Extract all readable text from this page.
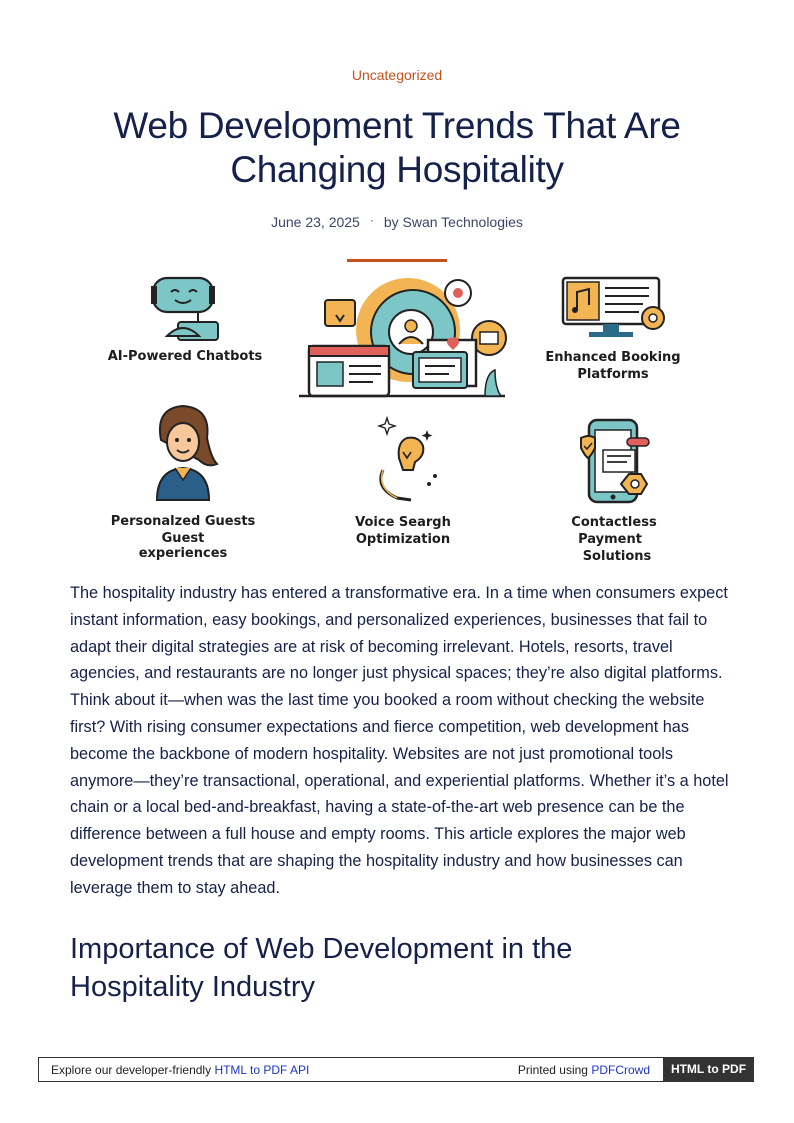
Uncategorized
Web Development Trends That Are Changing Hospitality
June 23, 2025 · by Swan Technologies
AI-Powered Chatbots	Enhanced Booking
Platforms
Personalzed Guests
Guest
experiences
Voice Seargh
Optimization
Contactless
Payment
Solutions

The hospitality industry has entered a transformative era. In a time when consumers expect instant information, easy bookings, and personalized experiences, businesses that fail to adapt their digital strategies are at risk of becoming irrelevant. Hotels, resorts, travel agencies, and restaurants are no longer just physical spaces; they’re also digital platforms. Think about it—when was the last time you booked a room without checking the website first? With rising consumer expectations and fierce competition, web development has become the backbone of modern hospitality. Websites are not just promotional tools anymore—they’re transactional, operational, and experiential platforms. Whether it’s a hotel chain or a local bed-and-breakfast, having a state-of-the-art web presence can be the difference between a full house and empty rooms. This article explores the major web development trends that are shaping the hospitality industry and how businesses can leverage them to stay ahead.

Importance of Web Development in the Hospitality Industry
Explore our developer-friendly HTML to PDF API	Printed using PDFCrowd	HTML to PDF
